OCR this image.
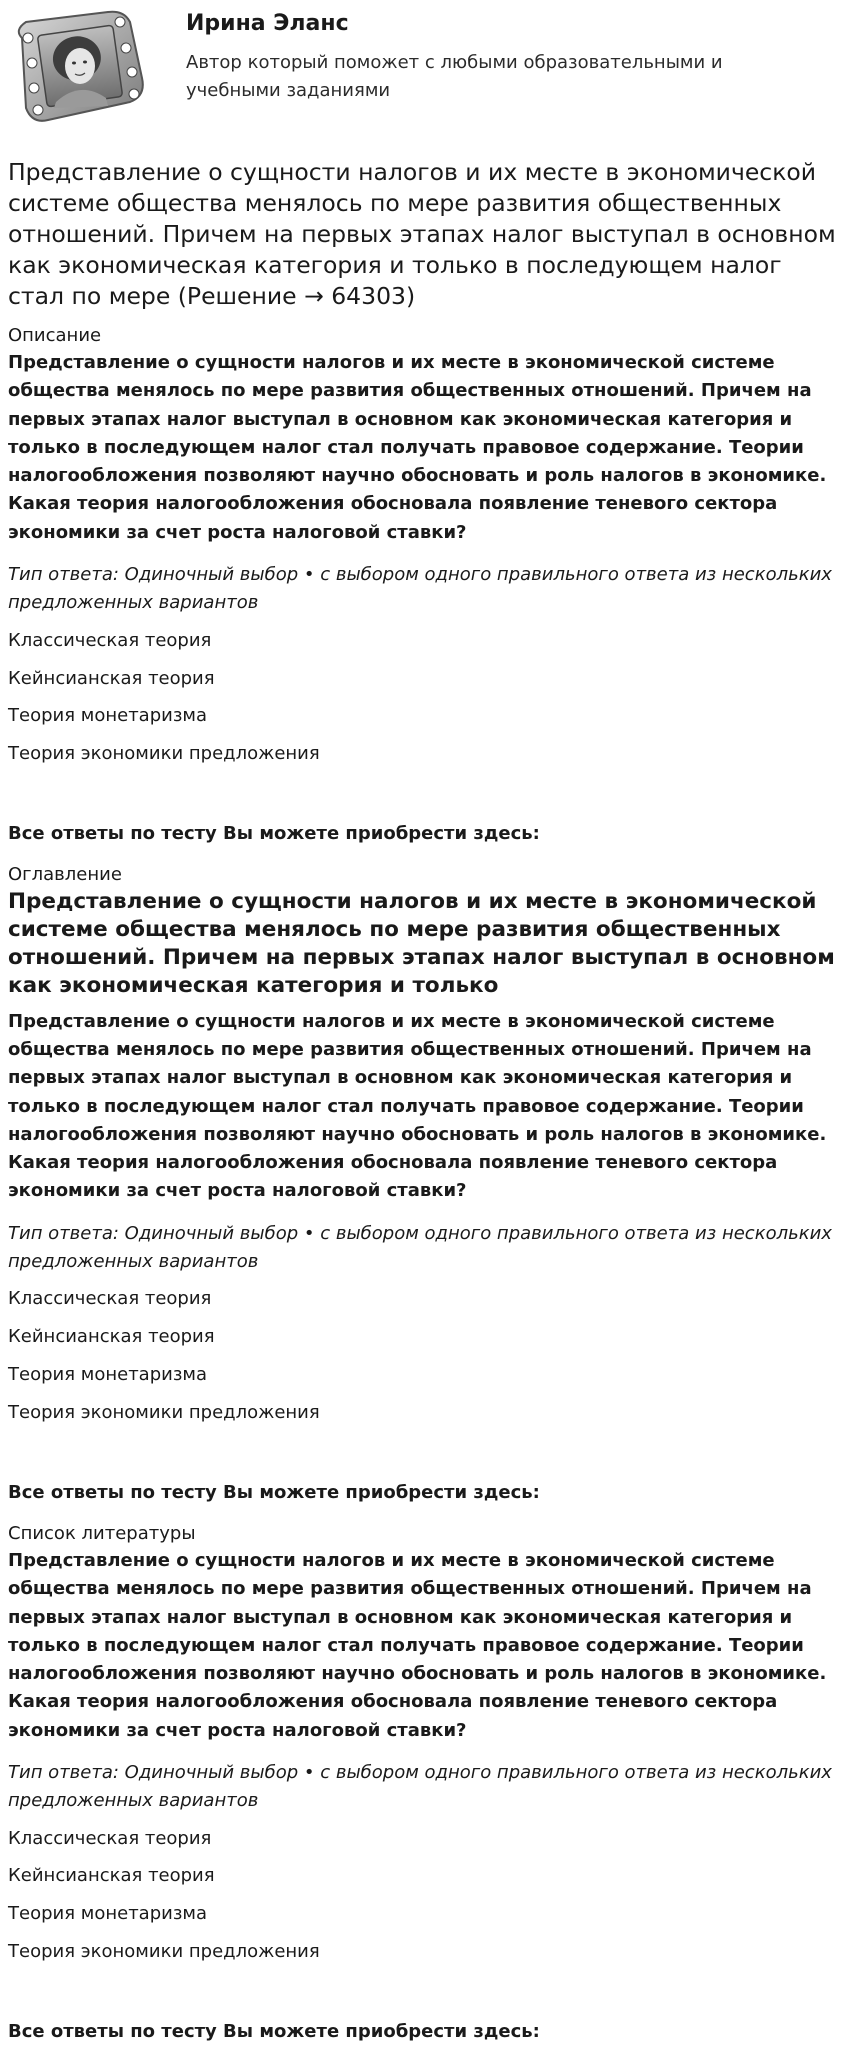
Ирина Эланс
Автор который поможет с любыми образовательными и
учебными заданиями
Представление о сущности налогов и их месте в экономической системе общества менялось по мере развития общественных отношений. Причем на первых этапах налог выступал в основном как экономическая категория и только в последующем налог стал по мере (Решение → 64303)
Описание
Представление о сущности налогов и их месте в экономической системе общества менялось по мере развития общественных отношений. Причем на первых этапах налог выступал в основном как экономическая категория и только в последующем налог стал получать правовое содержание. Теории налогообложения позволяют научно обосновать и роль налогов в экономике. Какая теория налогообложения обосновала появление теневого сектора экономики за счет роста налоговой ставки?
Тип ответа: Одиночный выбор • с выбором одного правильного ответа из нескольких предложенных вариантов
Классическая теория
Кейнсианская теория
Теория монетаризма
Теория экономики предложения
Все ответы по тесту Вы можете приобрести здесь:
Оглавление
Представление о сущности налогов и их месте в экономической системе общества менялось по мере развития общественных отношений. Причем на первых этапах налог выступал в основном как экономическая категория и только
Представление о сущности налогов и их месте в экономической системе общества менялось по мере развития общественных отношений. Причем на первых этапах налог выступал в основном как экономическая категория и только в последующем налог стал получать правовое содержание. Теории налогообложения позволяют научно обосновать и роль налогов в экономике. Какая теория налогообложения обосновала появление теневого сектора экономики за счет роста налоговой ставки?
Тип ответа: Одиночный выбор • с выбором одного правильного ответа из нескольких предложенных вариантов
Классическая теория
Кейнсианская теория
Теория монетаризма
Теория экономики предложения
Все ответы по тесту Вы можете приобрести здесь:
Список литературы
Представление о сущности налогов и их месте в экономической системе общества менялось по мере развития общественных отношений. Причем на первых этапах налог выступал в основном как экономическая категория и только в последующем налог стал получать правовое содержание. Теории налогообложения позволяют научно обосновать и роль налогов в экономике. Какая теория налогообложения обосновала появление теневого сектора экономики за счет роста налоговой ставки?
Тип ответа: Одиночный выбор • с выбором одного правильного ответа из нескольких предложенных вариантов
Классическая теория
Кейнсианская теория
Теория монетаризма
Теория экономики предложения
Все ответы по тесту Вы можете приобрести здесь:
